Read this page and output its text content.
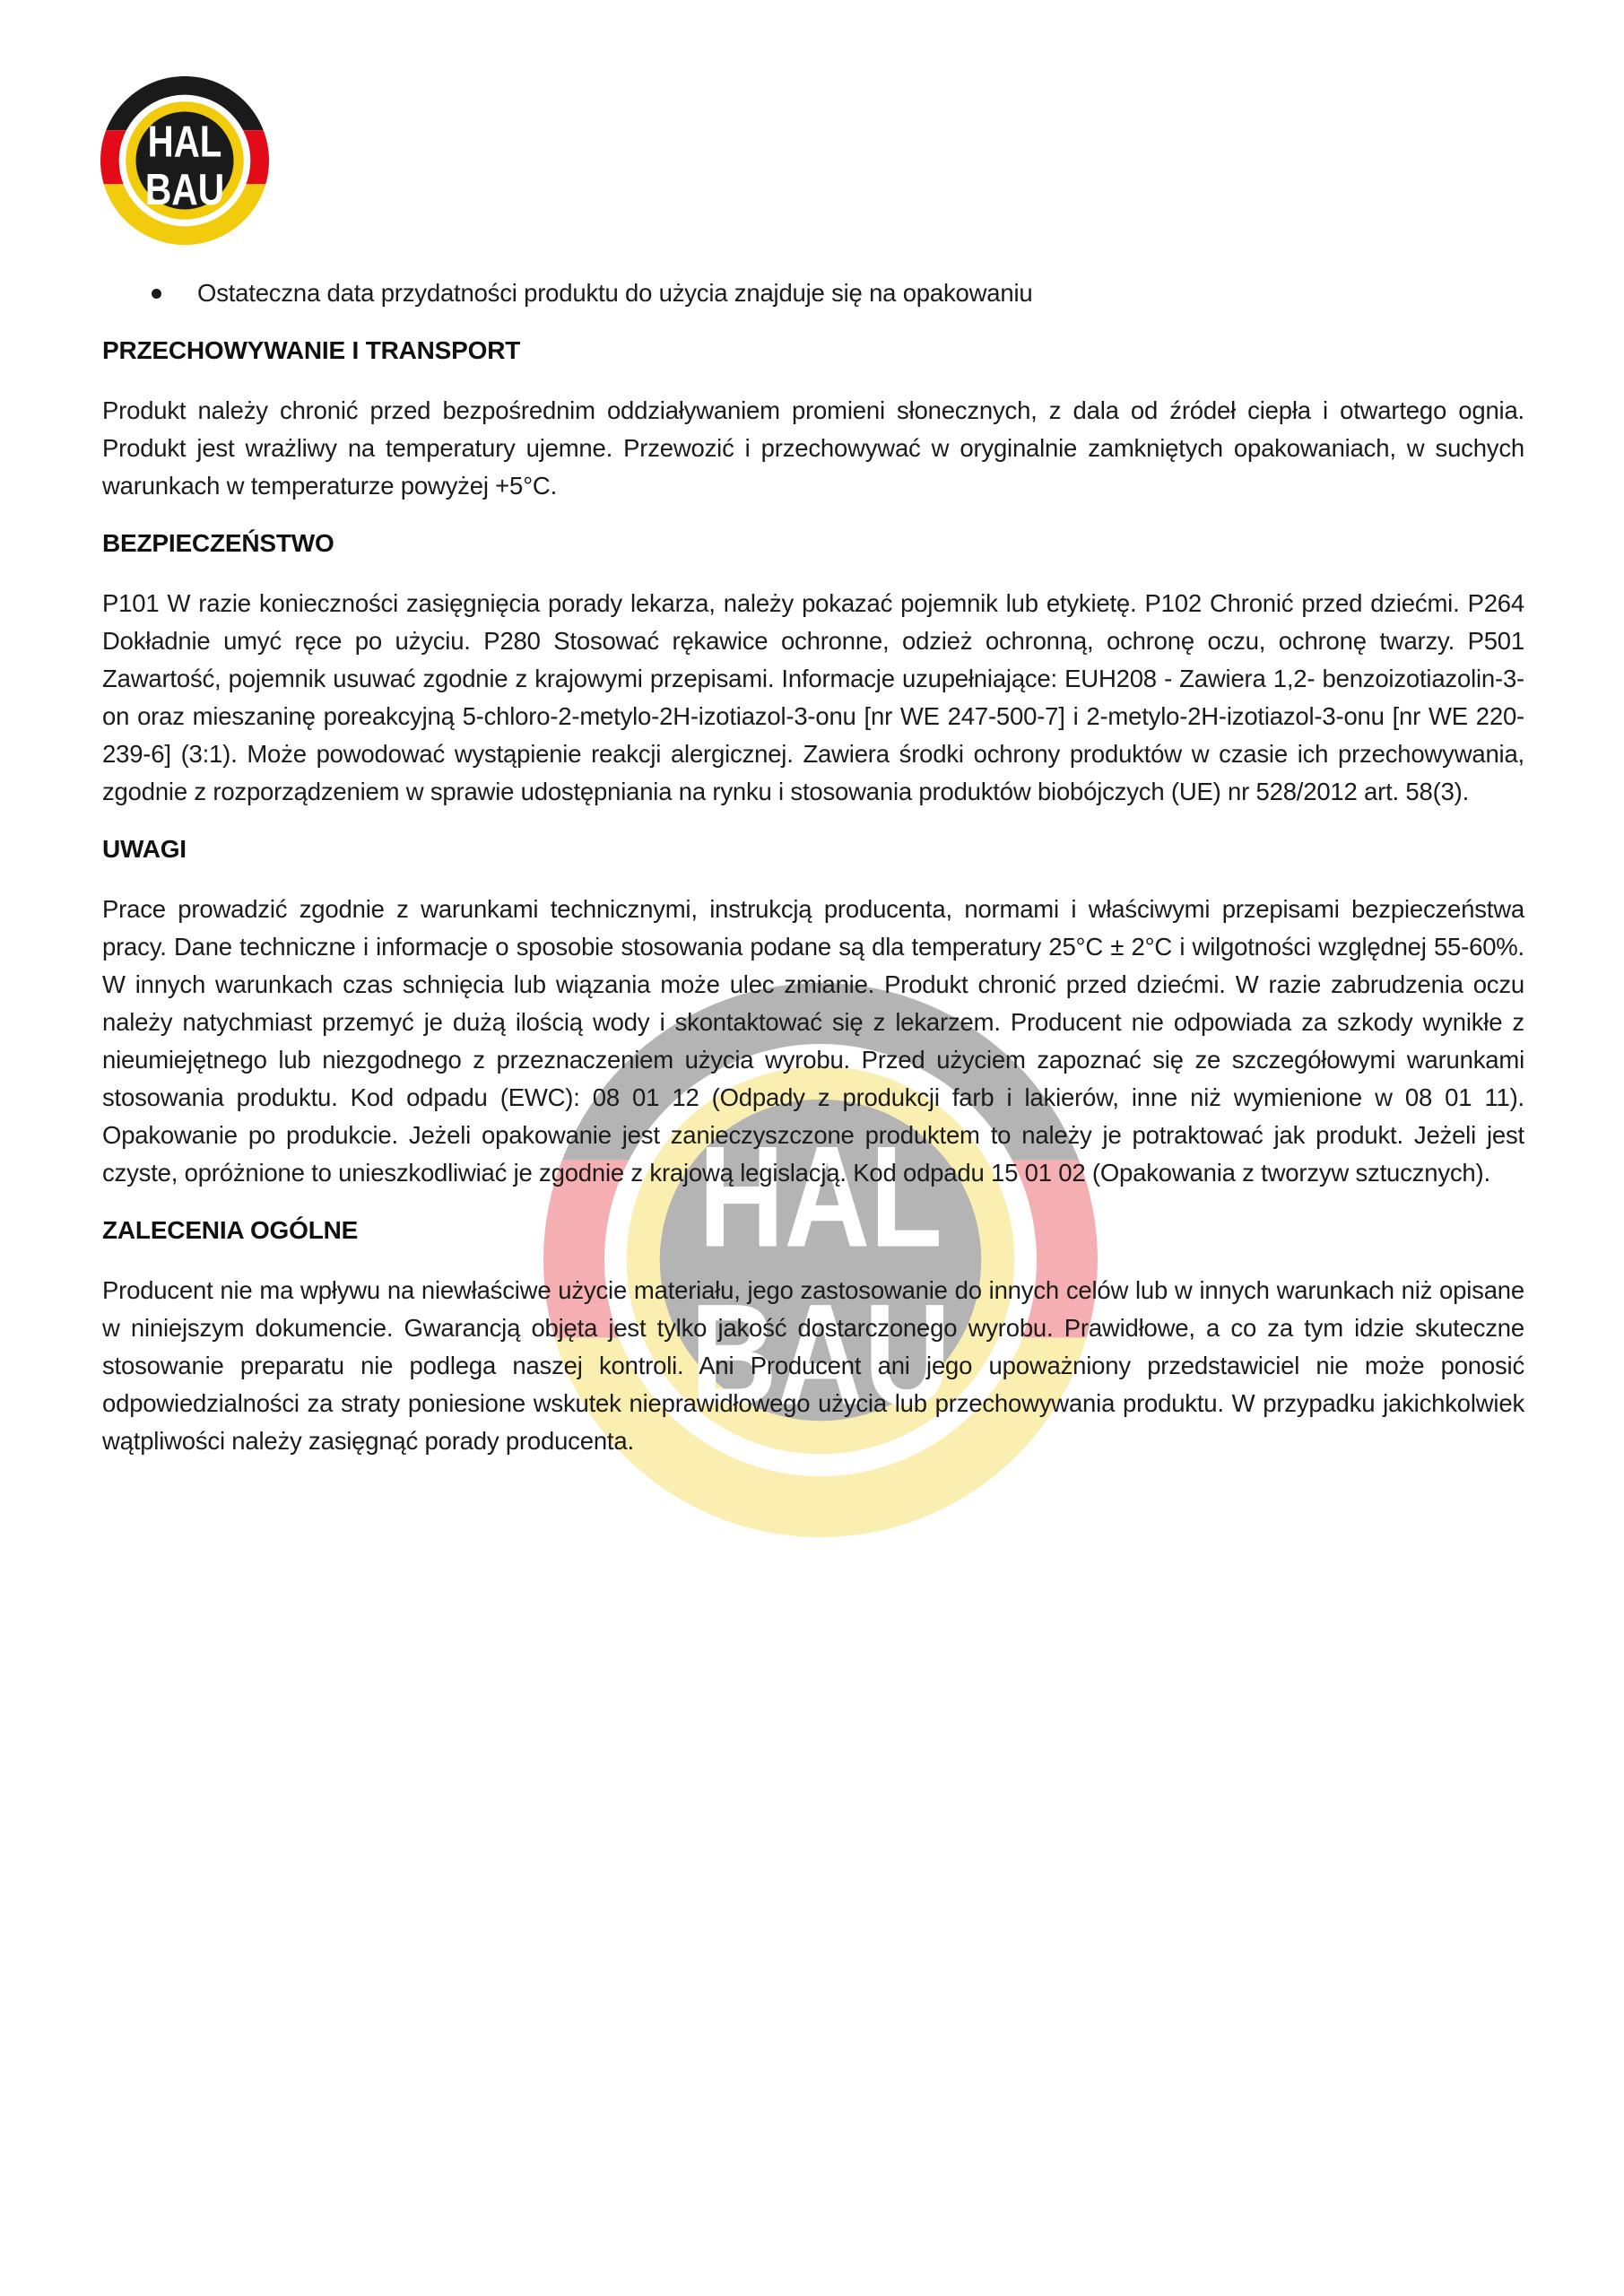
HAL
BAU
HAL
BAU
Ostateczna data przydatności produktu do użycia znajduje się na opakowaniu
PRZECHOWYWANIE I TRANSPORT

Produkt należy chronić przed bezpośrednim oddziaływaniem promieni słonecznych, z dala od źródeł ciepła i otwartego ognia. Produkt jest wrażliwy na temperatury ujemne. Przewozić i przechowywać w oryginalnie zamkniętych opakowaniach, w suchych warunkach w temperaturze powyżej +5°C.

BEZPIECZEŃSTWO

P101 W razie konieczności zasięgnięcia porady lekarza, należy pokazać pojemnik lub etykietę. P102 Chronić przed dziećmi. P264 Dokładnie umyć ręce po użyciu. P280 Stosować rękawice ochronne, odzież ochronną, ochronę oczu, ochronę twarzy. P501 Zawartość, pojemnik usuwać zgodnie z krajowymi przepisami. Informacje uzupełniające: EUH208 - Zawiera 1,2- benzoizotiazolin-3-on oraz mieszaninę poreakcyjną 5-chloro-2-metylo-2H-izotiazol-3-onu [nr WE 247-500-7] i 2-metylo-2H-izotiazol-3-onu [nr WE 220-239-6] (3:1). Może powodować wystąpienie reakcji alergicznej. Zawiera środki ochrony produktów w czasie ich przechowywania, zgodnie z rozporządzeniem w sprawie udostępniania na rynku i stosowania produktów biobójczych (UE) nr 528/2012 art. 58(3).

UWAGI

Prace prowadzić zgodnie z warunkami technicznymi, instrukcją producenta, normami i właściwymi przepisami bezpieczeństwa pracy. Dane techniczne i informacje o sposobie stosowania podane są dla temperatury 25°C ± 2°C i wilgotności względnej 55-60%. W innych warunkach czas schnięcia lub wiązania może ulec zmianie. Produkt chronić przed dziećmi. W razie zabrudzenia oczu należy natychmiast przemyć je dużą ilością wody i skontaktować się z lekarzem. Producent nie odpowiada za szkody wynikłe z nieumiejętnego lub niezgodnego z przeznaczeniem użycia wyrobu. Przed użyciem zapoznać się ze szczegółowymi warunkami stosowania produktu. Kod odpadu (EWC): 08 01 12 (Odpady z produkcji farb i lakierów, inne niż wymienione w 08 01 11). Opakowanie po produkcie. Jeżeli opakowanie jest zanieczyszczone produktem to należy je potraktować jak produkt. Jeżeli jest czyste, opróżnione to unieszkodliwiać je zgodnie z krajową legislacją. Kod odpadu 15 01 02 (Opakowania z tworzyw sztucznych).

ZALECENIA OGÓLNE

Producent nie ma wpływu na niewłaściwe użycie materiału, jego zastosowanie do innych celów lub w innych warunkach niż opisane w niniejszym dokumencie. Gwarancją objęta jest tylko jakość dostarczonego wyrobu. Prawidłowe, a co za tym idzie skuteczne stosowanie preparatu nie podlega naszej kontroli. Ani Producent ani jego upoważniony przedstawiciel nie może ponosić odpowiedzialności za straty poniesione wskutek nieprawidłowego użycia lub przechowywania produktu. W przypadku jakichkolwiek wątpliwości należy zasięgnąć porady producenta.
